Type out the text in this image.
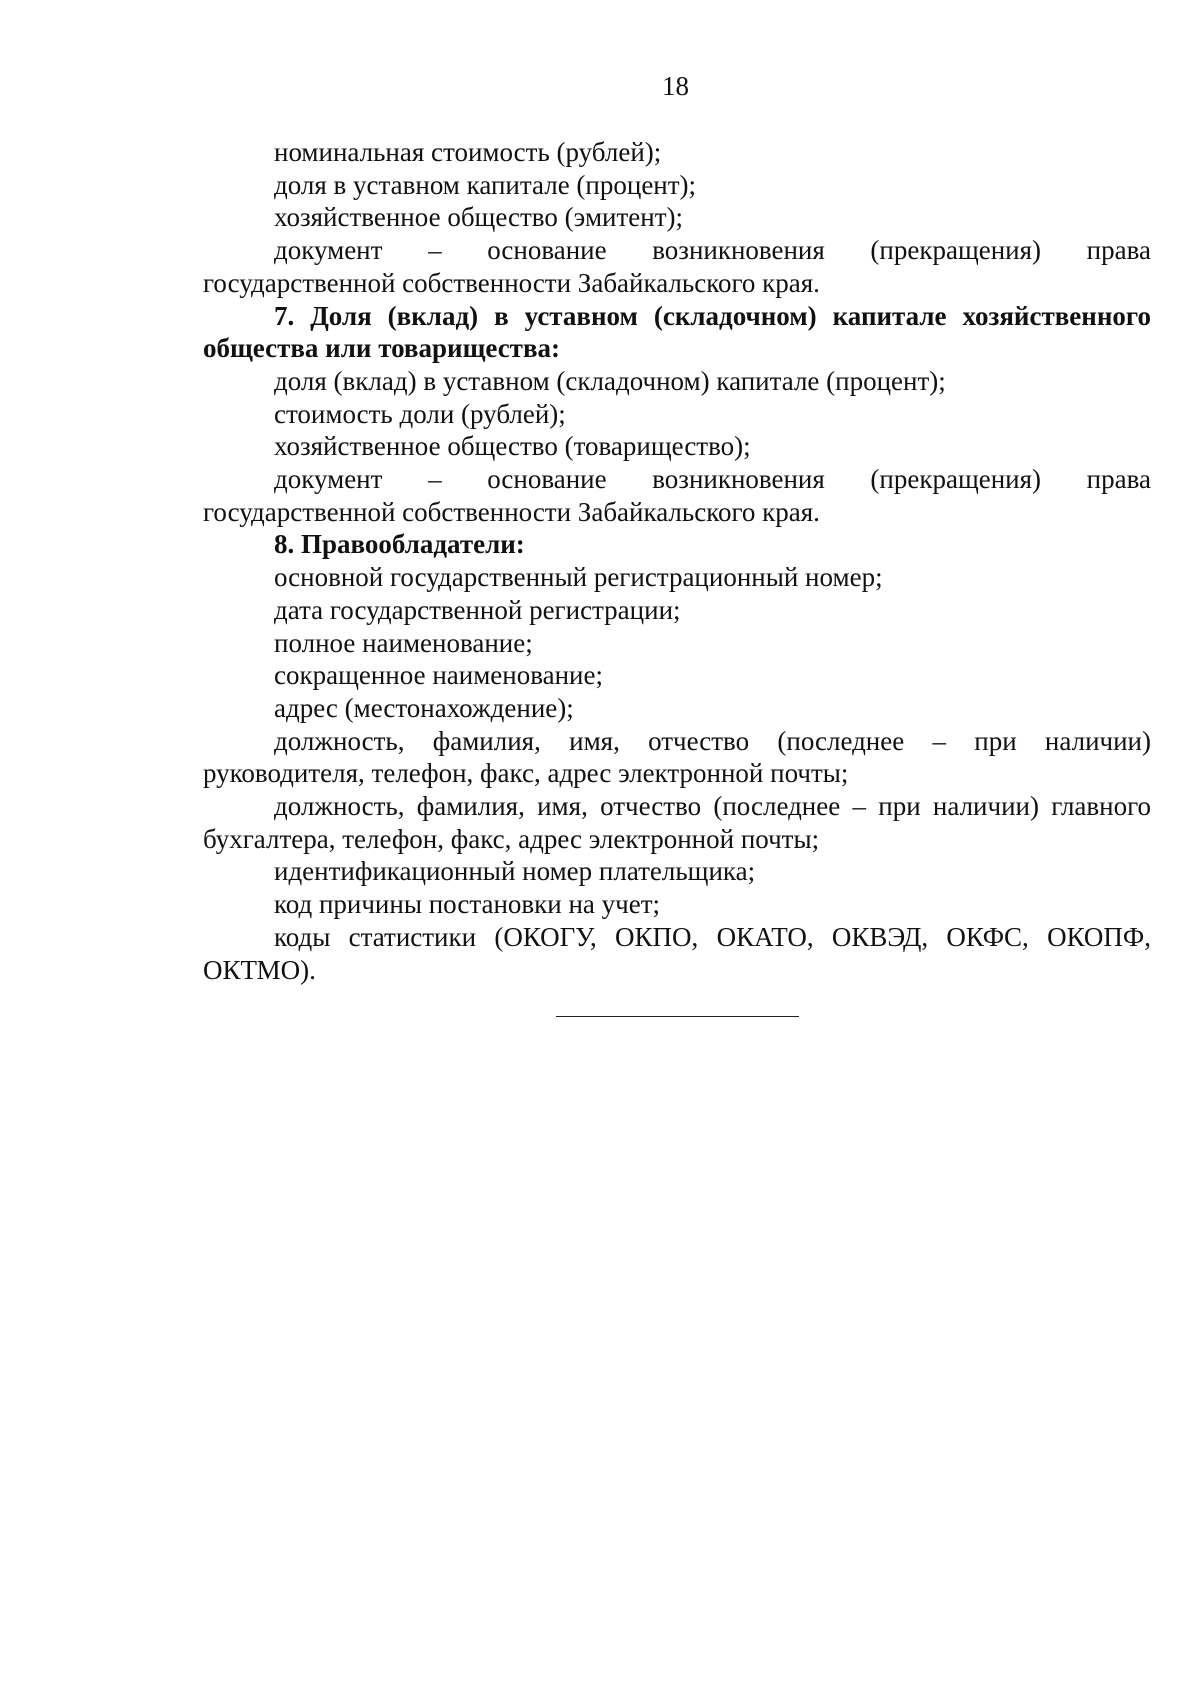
18

номинальная стоимость (рублей);

доля в уставном капитале (процент);

хозяйственное общество (эмитент);

документ – основание возникновения (прекращения) права государственной собственности Забайкальского края.

7. Доля (вклад) в уставном (складочном) капитале хозяйственного общества или товарищества:

доля (вклад) в уставном (складочном) капитале (процент);

стоимость доли (рублей);

хозяйственное общество (товарищество);

документ – основание возникновения (прекращения) права государственной собственности Забайкальского края.

8. Правообладатели:

основной государственный регистрационный номер;

дата государственной регистрации;

полное наименование;

сокращенное наименование;

адрес (местонахождение);

должность, фамилия, имя, отчество (последнее – при наличии) руководителя, телефон, факс, адрес электронной почты;

должность, фамилия, имя, отчество (последнее – при наличии) главного бухгалтера, телефон, факс, адрес электронной почты;

идентификационный номер плательщика;

код причины постановки на учет;

коды статистики (ОКОГУ, ОКПО, ОКАТО, ОКВЭД, ОКФС, ОКОПФ, ОКТМО).
